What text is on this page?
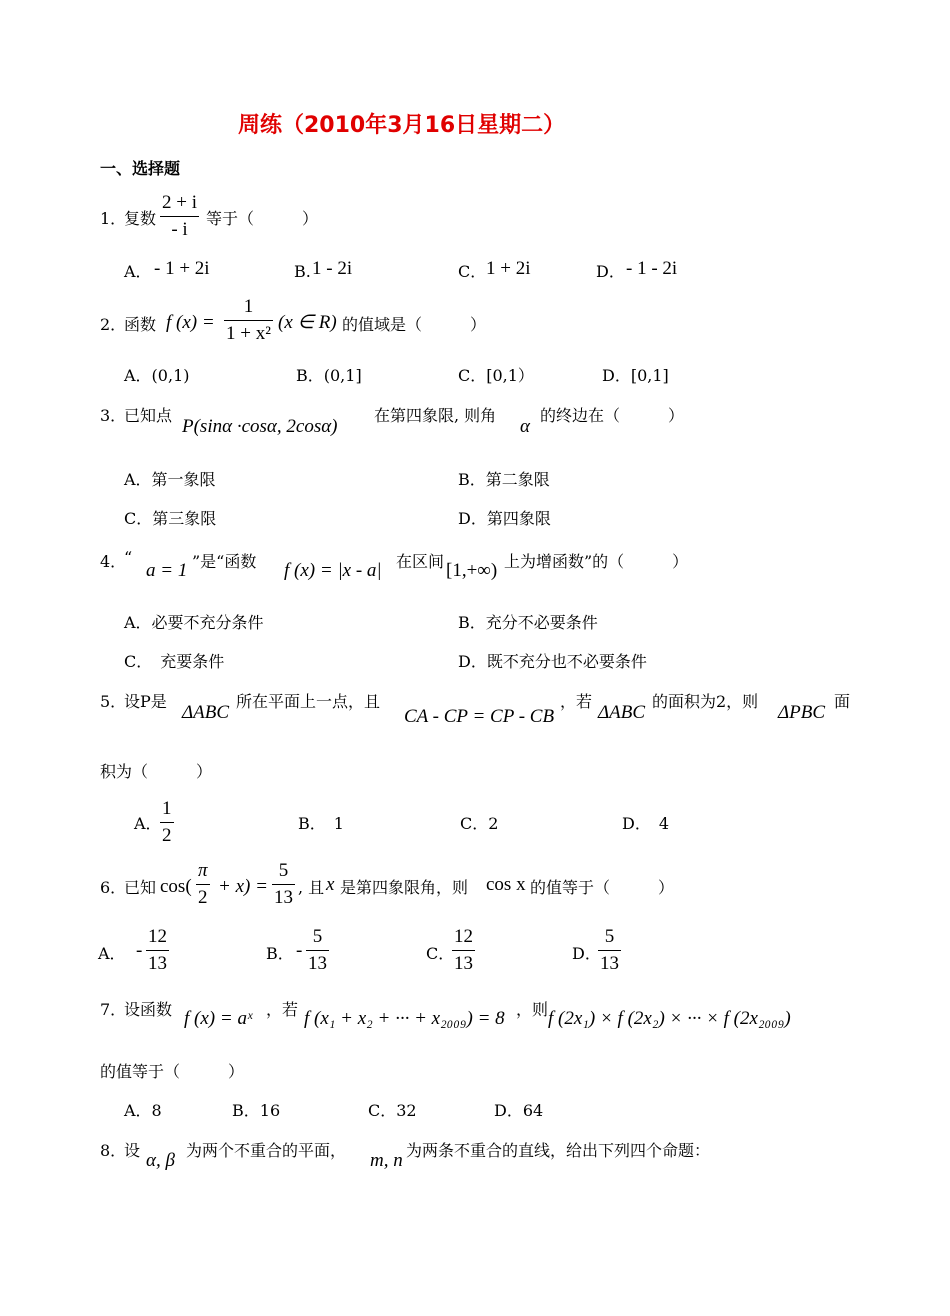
周练（2010年3月16日星期二）
一、选择题
1．
复数
2 + i
- i
等于（　　　）
A． - 1 + 2i	B. 1 - 2i	C． 1 + 2i	D． - 1 - 2i
2．
函数 f (x) =
1
1 + x²
(x ∈ R) 的值域是（　　　）
A．(0,1)	B．(0,1]	C．[0,1）	D．[0,1]
3．
已知点
P(sinα ·cosα, 2cosα)
在第四象限, 则角
α
的终边在（　　　）
A．第一象限	B．第二象限
C．第三象限	D．第四象限
4．
“
a = 1 ”是“函数 f (x) = |x - a| 在区间 [1,+∞) 上为增函数”的（　　　）
A．必要不充分条件	B．充分不必要条件
C．　充要条件	D．既不充分也不必要条件
5．
设P是
ΔABC
所在平面上一点，且
CA - CP = CP - CB
，若
ΔABC
的面积为2，则
ΔPBC
面
积为（　　　）
A．
1
2
B．　1	C．2	D．　4
6．
已知 cos(
π
2
+ x) =
5
13 , 且 x 是第四象限角，则 cos x 的值等于（　　　）
A． -
12
13	B． -
5
13	C．
12
13	D．
5
13
7．
设函数 f (x) = aˣ ，若 f (x₁ + x₂ + ··· + x₂₀₀₉) = 8 ，则 f (2x₁) × f (2x₂) × ··· × f (2x₂₀₀₉)
的值等于（　　　）
A．8	B．16	C．32	D．64
8．
设 α, β 为两个不重合的平面， m, n 为两条不重合的直线，给出下列四个命题：
